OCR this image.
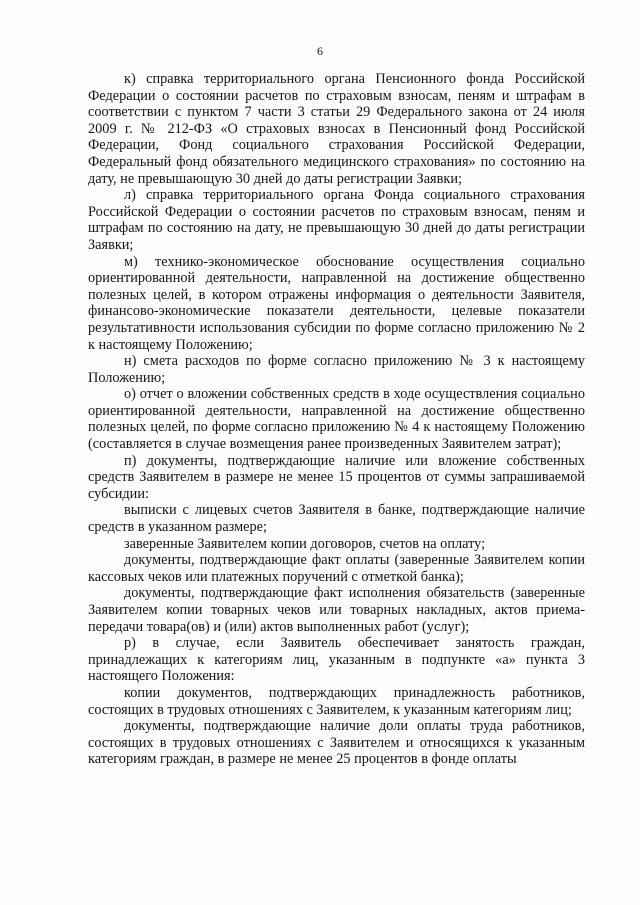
6

к) справка территориального органа Пенсионного фонда Российской Федерации о состоянии расчетов по страховым взносам, пеням и штрафам в соответствии с пунктом 7 части 3 статьи 29 Федерального закона от 24 июля 2009 г. № 212-ФЗ «О страховых взносах в Пенсионный фонд Российской Федерации, Фонд социального страхования Российской Федерации, Федеральный фонд обязательного медицинского страхования» по состоянию на дату, не превышающую 30 дней до даты регистрации Заявки;

л) справка территориального органа Фонда социального страхования Российской Федерации о состоянии расчетов по страховым взносам, пеням и штрафам по состоянию на дату, не превышающую 30 дней до даты регистрации Заявки;

м) технико-экономическое обоснование осуществления социально ориентированной деятельности, направленной на достижение общественно полезных целей, в котором отражены информация о деятельности Заявителя, финансово-экономические показатели деятельности, целевые показатели результативности использования субсидии по форме согласно приложению № 2 к настоящему Положению;

н) смета расходов по форме согласно приложению № 3 к настоящему Положению;

о) отчет о вложении собственных средств в ходе осуществления социально ориентированной деятельности, направленной на достижение общественно полезных целей, по форме согласно приложению № 4 к настоящему Положению (составляется в случае возмещения ранее произведенных Заявителем затрат);

п) документы, подтверждающие наличие или вложение собственных средств Заявителем в размере не менее 15 процентов от суммы запрашиваемой субсидии:

выписки с лицевых счетов Заявителя в банке, подтверждающие наличие средств в указанном размере;

заверенные Заявителем копии договоров, счетов на оплату;

документы, подтверждающие факт оплаты (заверенные Заявителем копии кассовых чеков или платежных поручений с отметкой банка);

документы, подтверждающие факт исполнения обязательств (заверенные Заявителем копии товарных чеков или товарных накладных, актов приема-передачи товара(ов) и (или) актов выполненных работ (услуг);

р) в случае, если Заявитель обеспечивает занятость граждан, принадлежащих к категориям лиц, указанным в подпункте «а» пункта 3 настоящего Положения:

копии документов, подтверждающих принадлежность работников, состоящих в трудовых отношениях с Заявителем, к указанным категориям лиц;

документы, подтверждающие наличие доли оплаты труда работников, состоящих в трудовых отношениях с Заявителем и относящихся к указанным категориям граждан, в размере не менее 25 процентов в фонде оплаты
